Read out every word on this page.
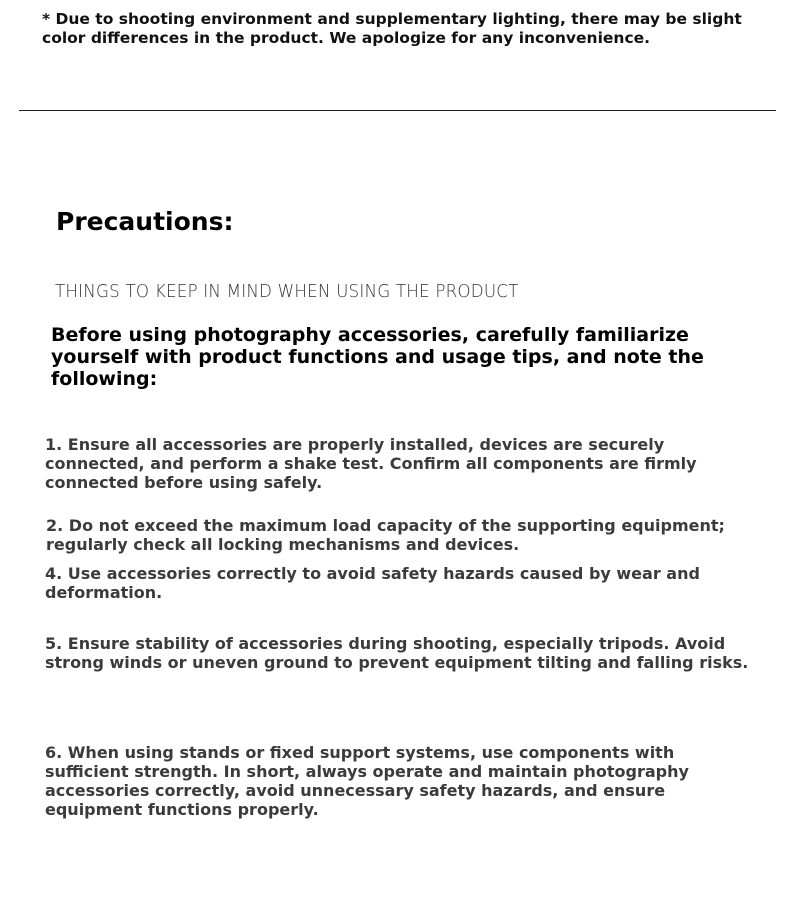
* Due to shooting environment and supplementary lighting, there may be slight color differences in the product. We apologize for any inconvenience.

Precautions:

THINGS TO KEEP IN MIND WHEN USING THE PRODUCT

Before using photography accessories, carefully familiarize yourself with product functions and usage tips, and note the following:

1. Ensure all accessories are properly installed, devices are securely connected, and perform a shake test. Confirm all components are firmly connected before using safely.
2. Do not exceed the maximum load capacity of the supporting equipment; regularly check all locking mechanisms and devices.
4. Use accessories correctly to avoid safety hazards caused by wear and deformation.
5. Ensure stability of accessories during shooting, especially tripods. Avoid strong winds or uneven ground to prevent equipment tilting and falling risks.
6. When using stands or fixed support systems, use components with sufficient strength. In short, always operate and maintain photography accessories correctly, avoid unnecessary safety hazards, and ensure equipment functions properly.
